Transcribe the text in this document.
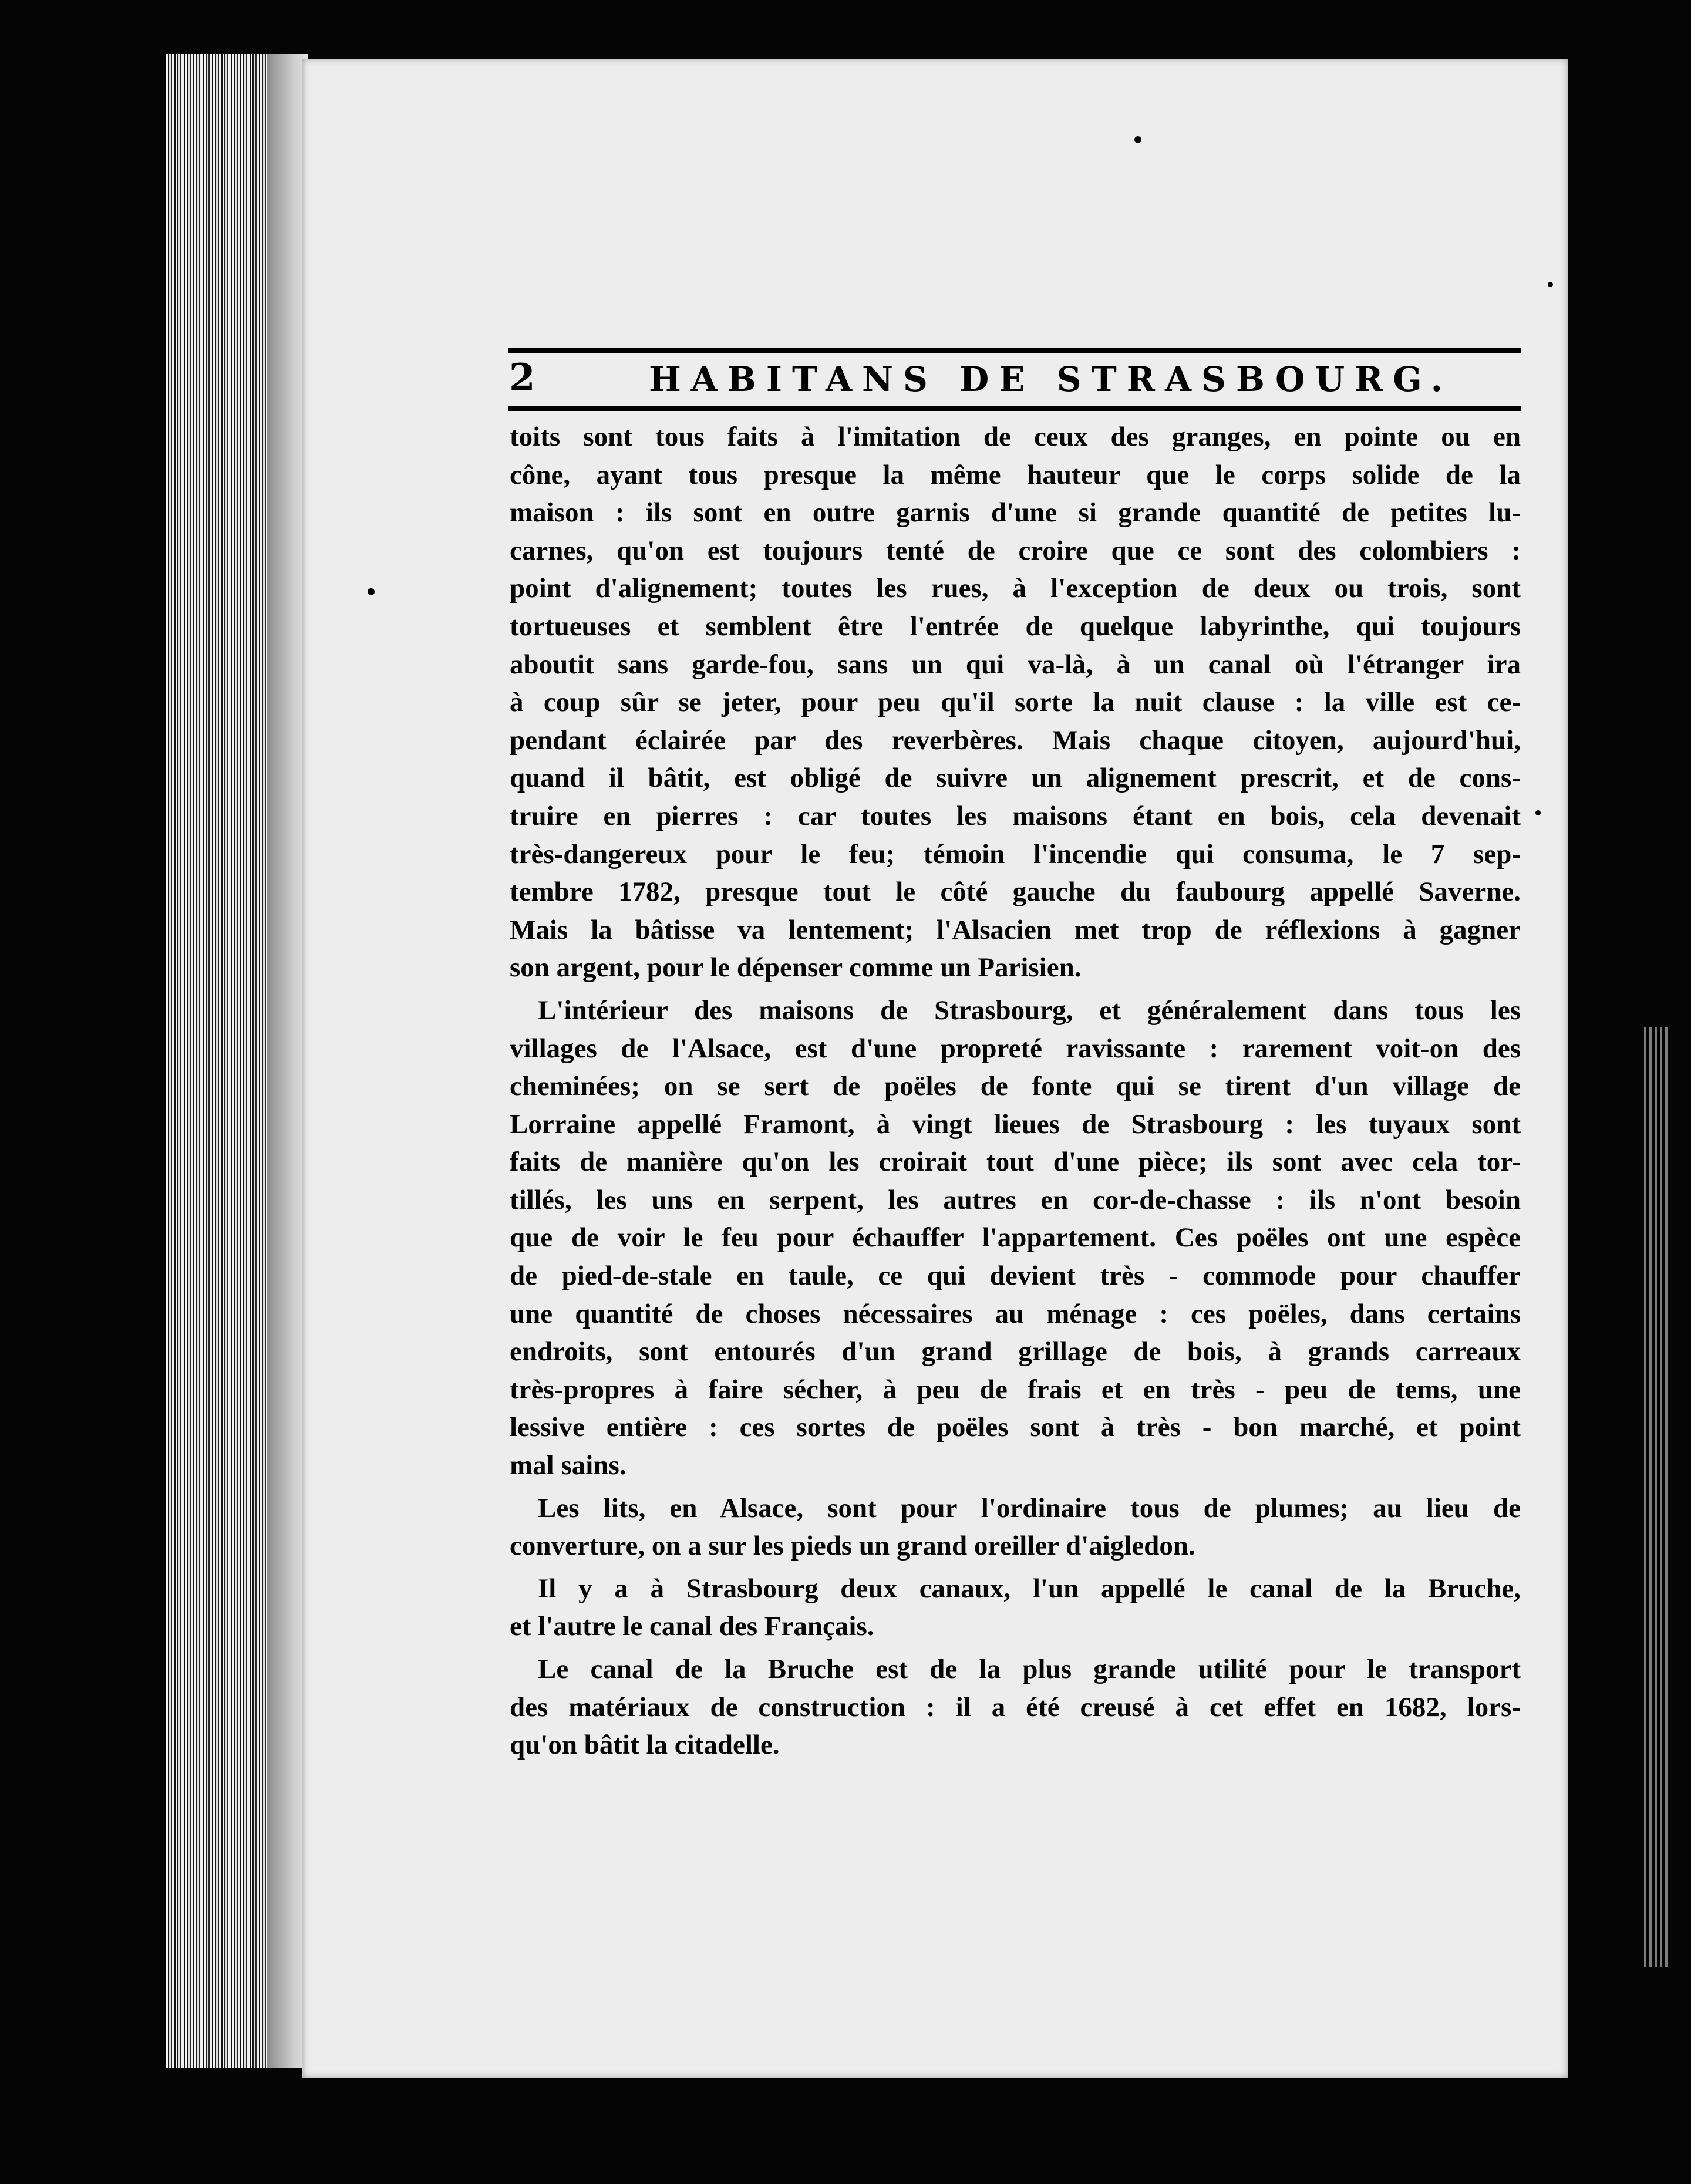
2	HABITANS DE STRASBOURG.
toits sont tous faits à l'imitation de ceux des granges, en pointe ou en
cône, ayant tous presque la même hauteur que le corps solide de la
maison : ils sont en outre garnis d'une si grande quantité de petites lu-
carnes, qu'on est toujours tenté de croire que ce sont des colombiers :
point d'alignement; toutes les rues, à l'exception de deux ou trois, sont
tortueuses et semblent être l'entrée de quelque labyrinthe, qui toujours
aboutit sans garde-fou, sans un qui va-là, à un canal où l'étranger ira
à coup sûr se jeter, pour peu qu'il sorte la nuit clause : la ville est ce-
pendant éclairée par des reverbères. Mais chaque citoyen, aujourd'hui,
quand il bâtit, est obligé de suivre un alignement prescrit, et de cons-
truire en pierres : car toutes les maisons étant en bois, cela devenait
très-dangereux pour le feu; témoin l'incendie qui consuma, le 7 sep-
tembre 1782, presque tout le côté gauche du faubourg appellé Saverne.
Mais la bâtisse va lentement; l'Alsacien met trop de réflexions à gagner
son argent, pour le dépenser comme un Parisien.
L'intérieur des maisons de Strasbourg, et généralement dans tous les
villages de l'Alsace, est d'une propreté ravissante : rarement voit-on des
cheminées; on se sert de poëles de fonte qui se tirent d'un village de
Lorraine appellé Framont, à vingt lieues de Strasbourg : les tuyaux sont
faits de manière qu'on les croirait tout d'une pièce; ils sont avec cela tor-
tillés, les uns en serpent, les autres en cor-de-chasse : ils n'ont besoin
que de voir le feu pour échauffer l'appartement. Ces poëles ont une espèce
de pied-de-stale en taule, ce qui devient très - commode pour chauffer
une quantité de choses nécessaires au ménage : ces poëles, dans certains
endroits, sont entourés d'un grand grillage de bois, à grands carreaux
très-propres à faire sécher, à peu de frais et en très - peu de tems, une
lessive entière : ces sortes de poëles sont à très - bon marché, et point
mal sains.
Les lits, en Alsace, sont pour l'ordinaire tous de plumes; au lieu de
converture, on a sur les pieds un grand oreiller d'aigledon.
Il y a à Strasbourg deux canaux, l'un appellé le canal de la Bruche,
et l'autre le canal des Français.
Le canal de la Bruche est de la plus grande utilité pour le transport
des matériaux de construction : il a été creusé à cet effet en 1682, lors-
qu'on bâtit la citadelle.
